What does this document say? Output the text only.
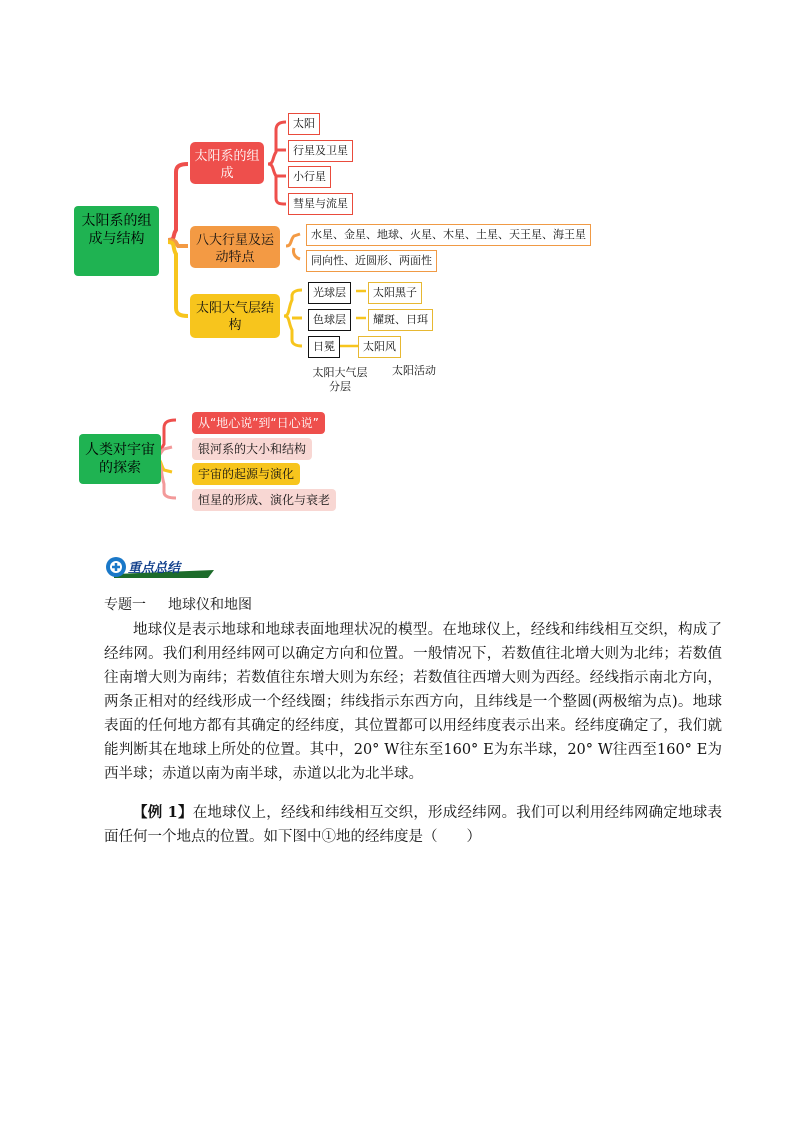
太阳系的组成与结构
太阳系的组成
八大行星及运动特点
太阳大气层结构
太阳
行星及卫星
小行星
彗星与流星
水星、金星、地球、火星、木星、土星、天王星、海王星
同向性、近圆形、两面性
光球层
色球层
日冕
太阳黑子
耀斑、日珥
太阳风
太阳大气层分层
太阳活动
人类对宇宙的探索
从“地心说”到“日心说”
银河系的大小和结构
宇宙的起源与演化
恒星的形成、演化与衰老
重点总结
专题一 地球仪和地图
地球仪是表示地球和地球表面地理状况的模型。在地球仪上，经线和纬线相互交织，构成了经纬网。我们利用经纬网可以确定方向和位置。一般情况下，若数值往北增大则为北纬；若数值往南增大则为南纬；若数值往东增大则为东经；若数值往西增大则为西经。经线指示南北方向，两条正相对的经线形成一个经线圈；纬线指示东西方向，且纬线是一个整圆(两极缩为点)。地球表面的任何地方都有其确定的经纬度，其位置都可以用经纬度表示出来。经纬度确定了，我们就能判断其在地球上所处的位置。其中，20° W往东至160° E为东半球，20° W往西至160° E为西半球；赤道以南为南半球，赤道以北为北半球。
【例 1】在地球仪上，经线和纬线相互交织，形成经纬网。我们可以利用经纬网确定地球表面任何一个地点的位置。如下图中①地的经纬度是（　　）
